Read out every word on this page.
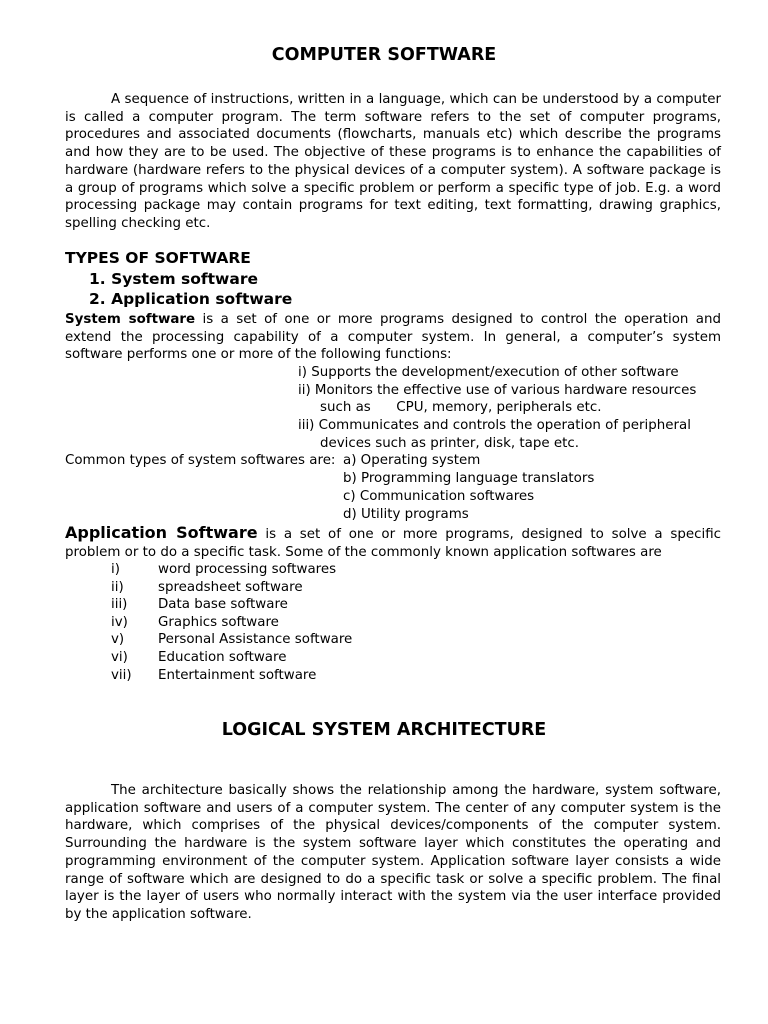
COMPUTER SOFTWARE

A sequence of instructions, written in a language, which can be understood by a computer is called a computer program. The term software refers to the set of computer programs, procedures and associated documents (flowcharts, manuals etc) which describe the programs and how they are to be used. The objective of these programs is to enhance the capabilities of hardware (hardware refers to the physical devices of a computer system). A software package is a group of programs which solve a specific problem or perform a specific type of job. E.g. a word processing package may contain programs for text editing, text formatting, drawing graphics, spelling checking etc.

TYPES OF SOFTWARE
1. System software
2. Application software

System software is a set of one or more programs designed to control the operation and extend the processing capability of a computer system. In general, a computer’s system software performs one or more of the following functions:

i) Supports the development/execution of other software
ii) Monitors the effective use of various hardware resources
such as      CPU, memory, peripherals etc.
iii) Communicates and controls the operation of peripheral
devices such as printer, disk, tape etc.
Common types of system softwares are: a) Operating system
b) Programming language translators
c) Communication softwares
d) Utility programs

Application Software is a set of one or more programs, designed to solve a specific problem or to do a specific task. Some of the commonly known application softwares are

i)	word processing softwares
ii)	spreadsheet software
iii) Data base software
iv) Graphics software
v)	Personal Assistance software
vi) Education software
vii) Entertainment software
LOGICAL SYSTEM ARCHITECTURE

The architecture basically shows the relationship among the hardware, system software, application software and users of a computer system. The center of any computer system is the hardware, which comprises of the physical devices/components of the computer system. Surrounding the hardware is the system software layer which constitutes the operating and programming environment of the computer system. Application software layer consists a wide range of software which are designed to do a specific task or solve a specific problem. The final layer is the layer of users who normally interact with the system via the user interface provided by the application software.
